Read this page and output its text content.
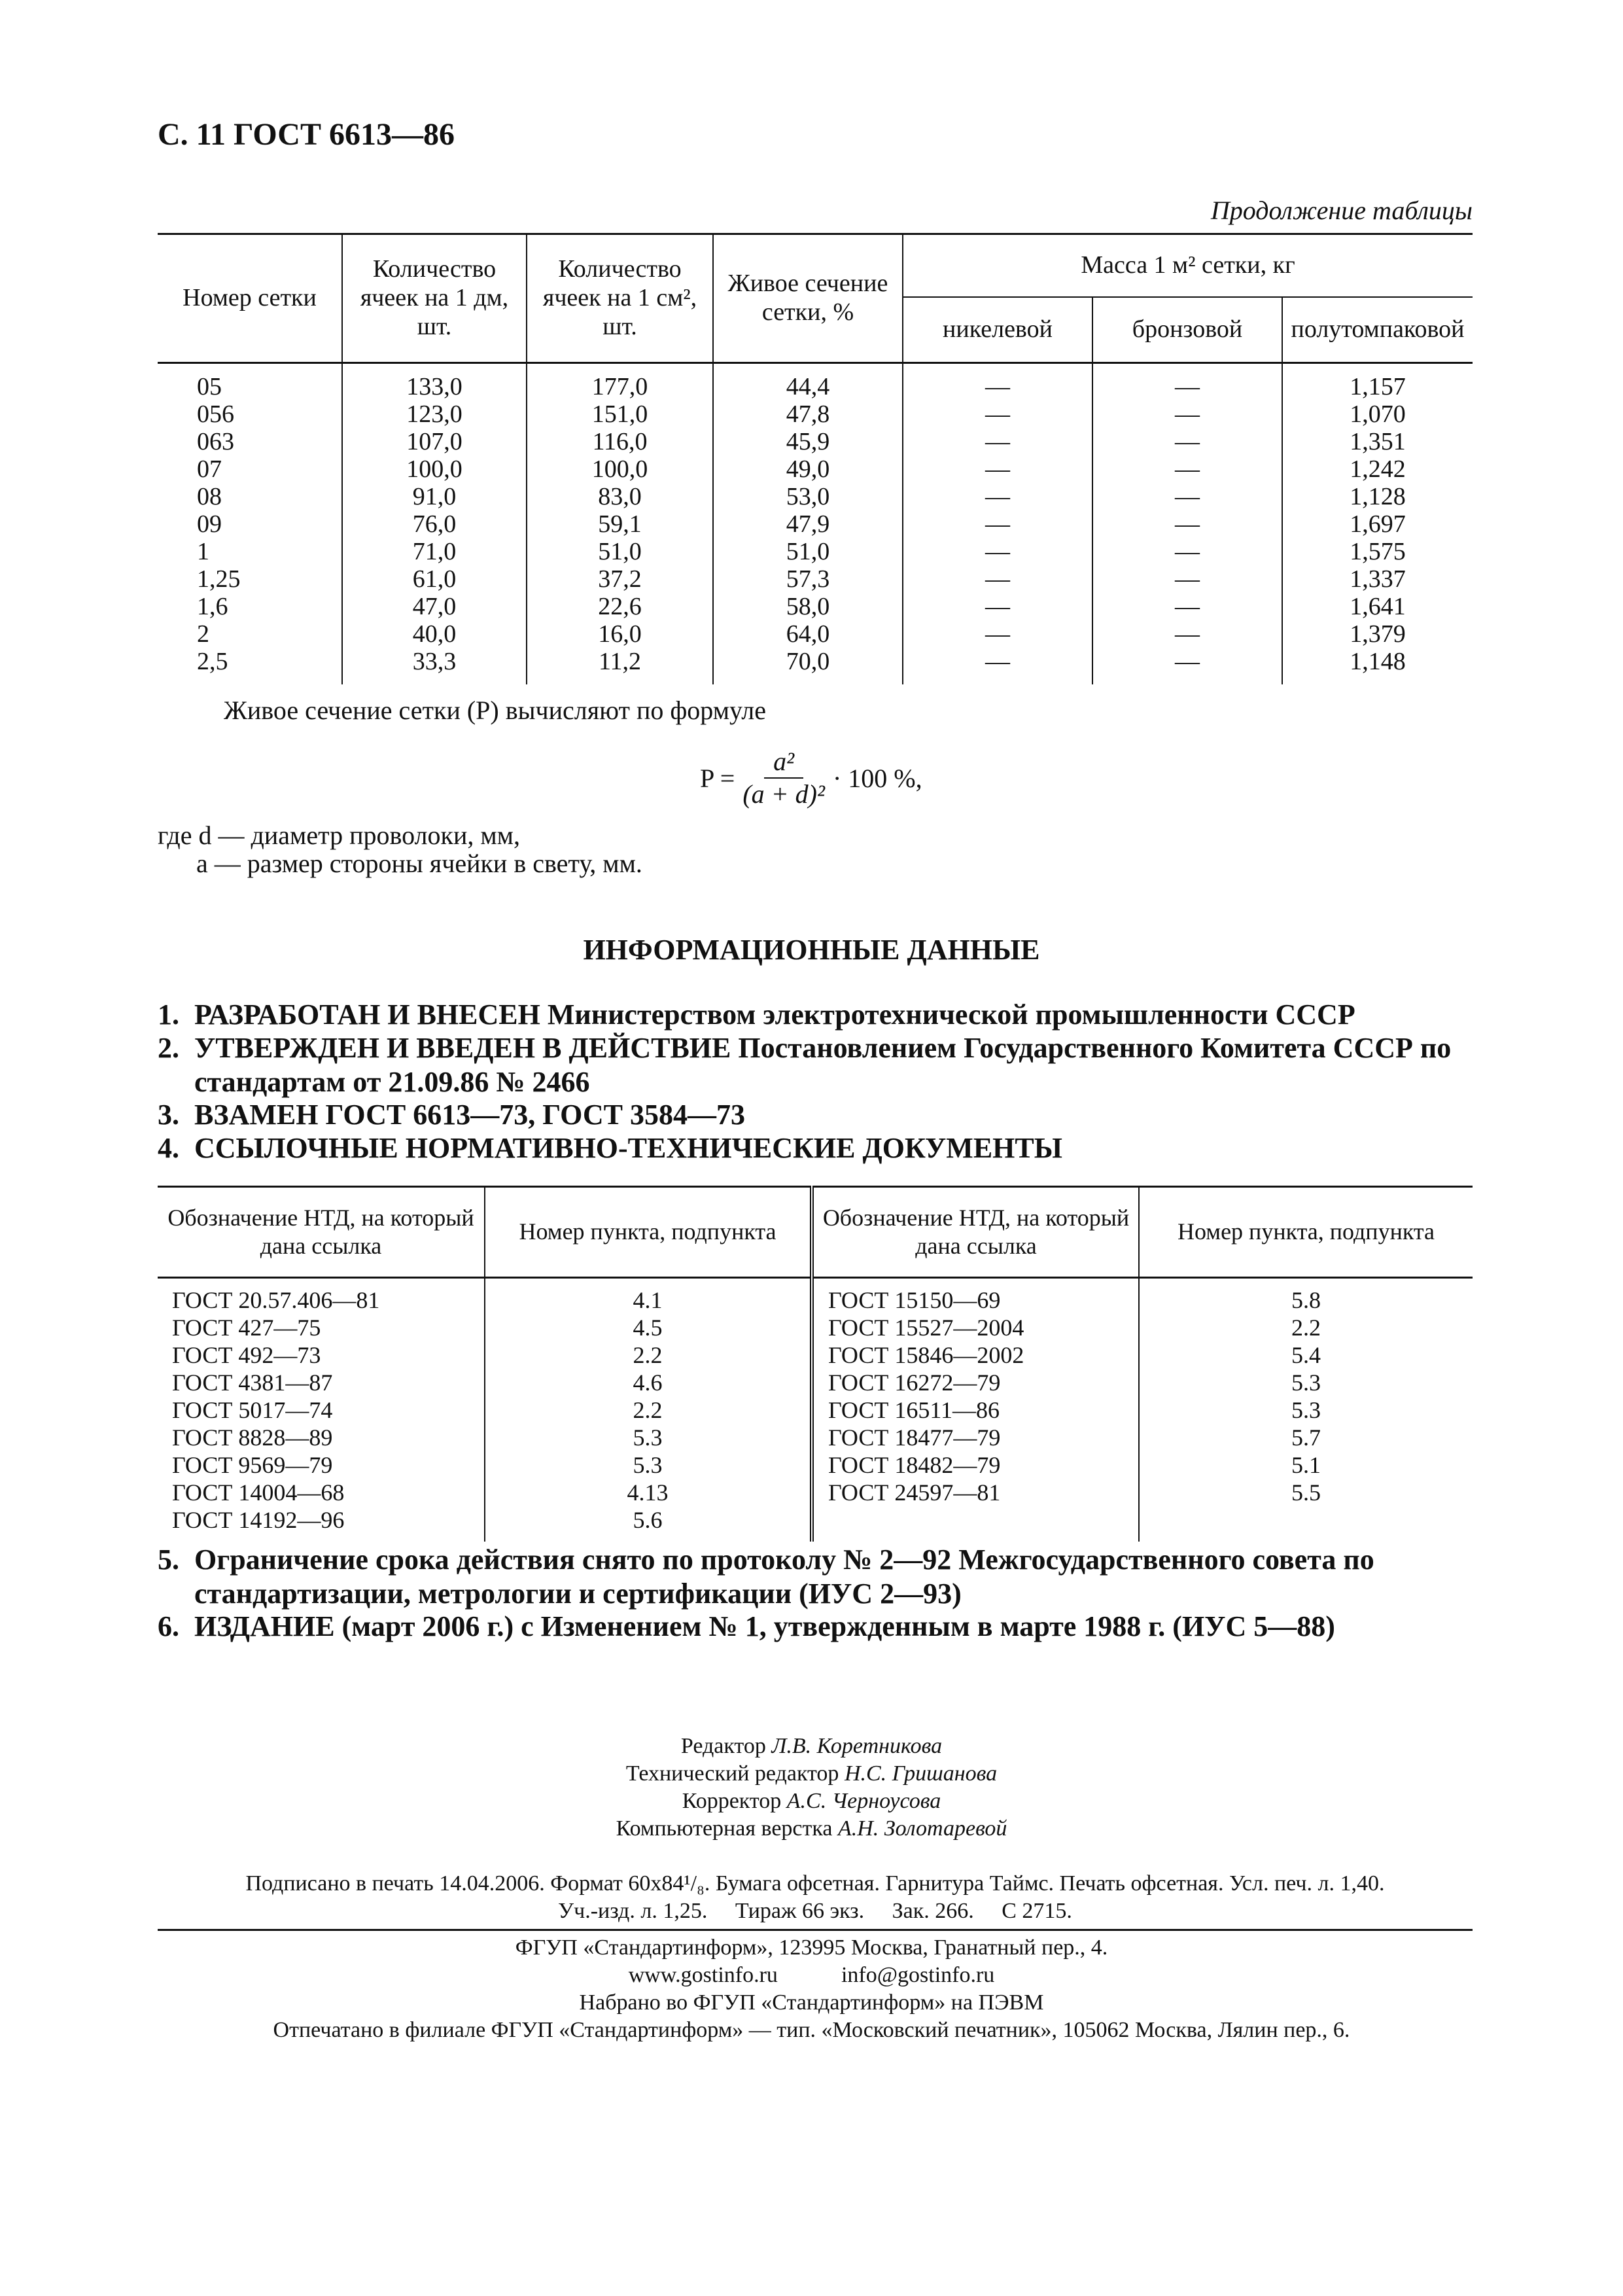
С. 11 ГОСТ 6613—86
Продолжение таблицы
Номер сетки	Количество ячеек на 1 дм, шт.	Количество ячеек на 1 см², шт.	Живое сечение сетки, %	Масса 1 м² сетки, кг		
				никелевой	бронзовой	полутомпаковой
05	133,0	177,0	44,4	—	—	1,157
056	123,0	151,0	47,8	—	—	1,070
063	107,0	116,0	45,9	—	—	1,351
07	100,0	100,0	49,0	—	—	1,242
08	91,0	83,0	53,0	—	—	1,128
09	76,0	59,1	47,9	—	—	1,697
1	71,0	51,0	51,0	—	—	1,575
1,25	61,0	37,2	57,3	—	—	1,337
1,6	47,0	22,6	58,0	—	—	1,641
2	40,0	16,0	64,0	—	—	1,379
2,5	33,3	11,2	70,0	—	—	1,148
Живое сечение сетки (P) вычисляют по формуле
$P = \frac{\text{a²}}{\text{(a + d)²}} \cdot 100$ %,
где d — диаметр проволоки, мм,
a — размер стороны ячейки в свету, мм.
ИНФОРМАЦИОННЫЕ ДАННЫЕ
1. РАЗРАБОТАН И ВНЕСЕН Министерством электротехнической промышленности СССР
2. УТВЕРЖДЕН И ВВЕДЕН В ДЕЙСТВИЕ Постановлением Государственного Комитета СССР по
стандартам от 21.09.86 № 2466
3. ВЗАМЕН ГОСТ 6613—73, ГОСТ 3584—73
4. ССЫЛОЧНЫЕ НОРМАТИВНО-ТЕХНИЧЕСКИЕ ДОКУМЕНТЫ
Обозначение НТД, на который дана ссылка	Номер пункта, подпункта	Обозначение НТД, на который дана ссылка	Номер пункта, подпункта
ГОСТ 20.57.406—81	4.1	ГОСТ 15150—69	5.8
ГОСТ 427—75	4.5	ГОСТ 15527—2004	2.2
ГОСТ 492—73	2.2	ГОСТ 15846—2002	5.4
ГОСТ 4381—87	4.6	ГОСТ 16272—79	5.3
ГОСТ 5017—74	2.2	ГОСТ 16511—86	5.3
ГОСТ 8828—89	5.3	ГОСТ 18477—79	5.7
ГОСТ 9569—79	5.3	ГОСТ 18482—79	5.1
ГОСТ 14004—68	4.13	ГОСТ 24597—81	5.5
ГОСТ 14192—96	5.6		
5. Ограничение срока действия снято по протоколу № 2—92 Межгосударственного совета по
стандартизации, метрологии и сертификации (ИУС 2—93)
6. ИЗДАНИЕ (март 2006 г.) с Изменением № 1, утвержденным в марте 1988 г. (ИУС 5—88)
Редактор Л.В. Коретникова
Технический редактор Н.С. Гришанова
Корректор А.С. Черноусова
Компьютерная верстка А.Н. Золотаревой
Подписано в печать 14.04.2006. Формат 60x84¹/₈. Бумага офсетная. Гарнитура Таймс. Печать офсетная. Усл. печ. л. 1,40.
Уч.-изд. л. 1,25.     Тираж 66 экз.     Зак. 266.     С 2715.
ФГУП «Стандартинформ», 123995 Москва, Гранатный пер., 4.
www.gostinfo.ru	info@gostinfo.ru
Набрано во ФГУП «Стандартинформ» на ПЭВМ
Отпечатано в филиале ФГУП «Стандартинформ» — тип. «Московский печатник», 105062 Москва, Лялин пер., 6.
